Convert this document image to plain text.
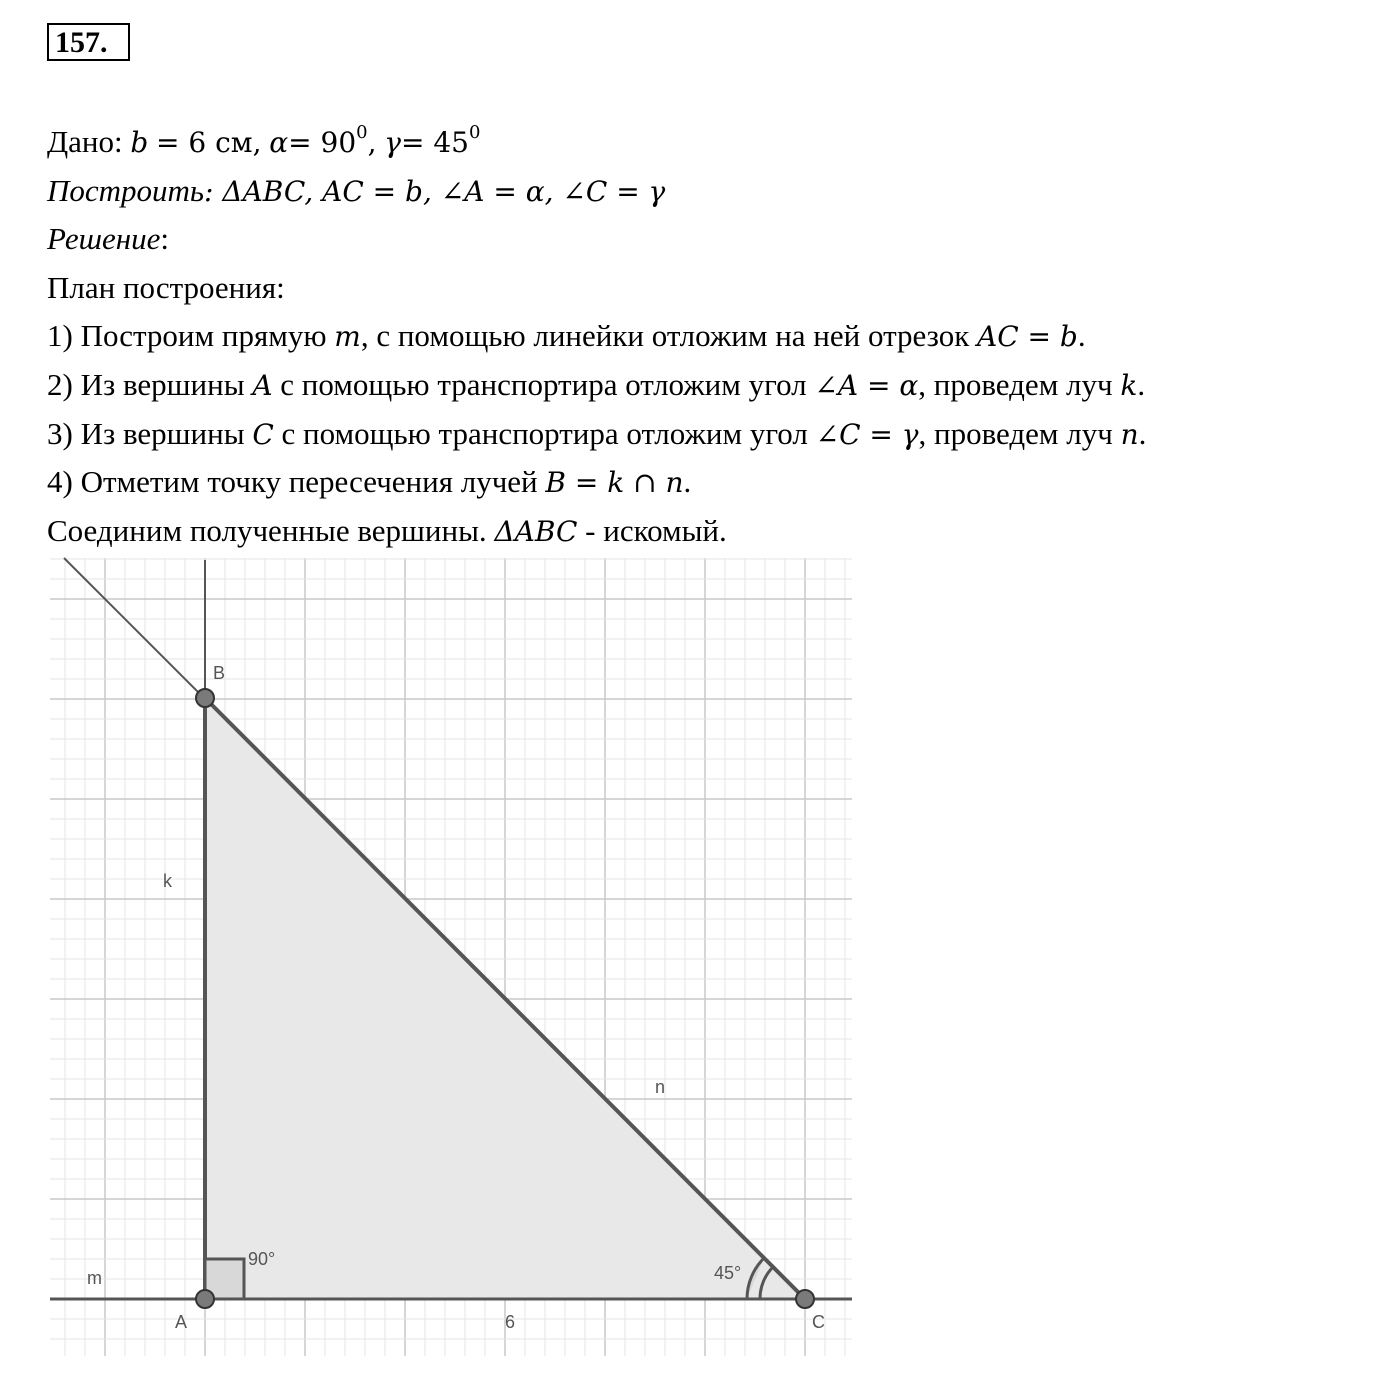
157.
Дано: b = 6 см, $\alpha= 90^0$, $\gamma= 45^0$
Построить: ΔABC, AC = b, ∠A = α, ∠C = γ
Решение:
План построения:
1) Построим прямую m, с помощью линейки отложим на ней отрезок AC = b.
2) Из вершины A с помощью транспортира отложим угол ∠A = α, проведем луч k.
3) Из вершины C с помощью транспортира отложим угол ∠C = γ, проведем луч n.
4) Отметим точку пересечения лучей B = k ∩ n.
Соединим полученные вершины. ΔABC - искомый.
B
A	C
k
n
m
6
90°
45°
